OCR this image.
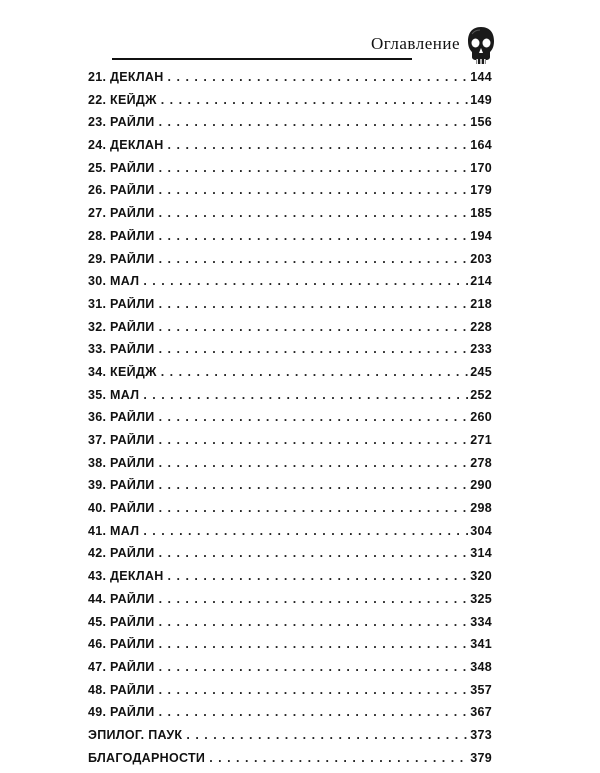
Оглавление
21. ДЕКЛАН . . .	144
22. КЕЙДЖ . . .	149
23. РАЙЛИ . . .	156
24. ДЕКЛАН . . .	164
25. РАЙЛИ . . .	170
26. РАЙЛИ . . .	179
27. РАЙЛИ . . .	185
28. РАЙЛИ . . .	194
29. РАЙЛИ . . .	203
30. МАЛ . . .	214
31. РАЙЛИ . . .	218
32. РАЙЛИ . . .	228
33. РАЙЛИ . . .	233
34. КЕЙДЖ . . .	245
35. МАЛ . . .	252
36. РАЙЛИ . . .	260
37. РАЙЛИ . . .	271
38. РАЙЛИ . . .	278
39. РАЙЛИ . . .	290
40. РАЙЛИ . . .	298
41. МАЛ . . .	304
42. РАЙЛИ . . .	314
43. ДЕКЛАН . . .	320
44. РАЙЛИ . . .	325
45. РАЙЛИ . . .	334
46. РАЙЛИ . . .	341
47. РАЙЛИ . . .	348
48. РАЙЛИ . . .	357
49. РАЙЛИ . . .	367
ЭПИЛОГ. ПАУК . . .	373
БЛАГОДАРНОСТИ . . .	379
